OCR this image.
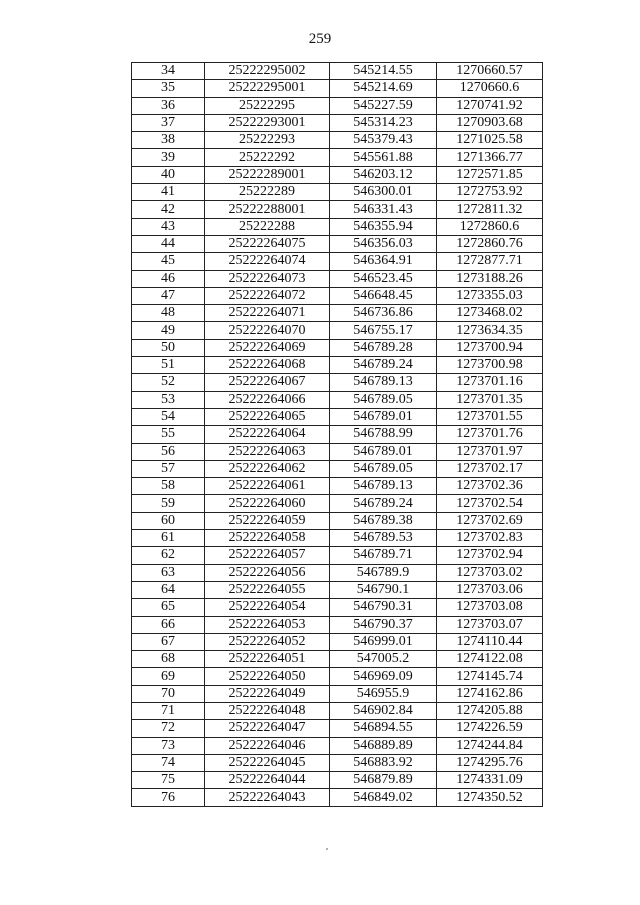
259
34	25222295002	545214.55	1270660.57
35	25222295001	545214.69	1270660.6
36	25222295	545227.59	1270741.92
37	25222293001	545314.23	1270903.68
38	25222293	545379.43	1271025.58
39	25222292	545561.88	1271366.77
40	25222289001	546203.12	1272571.85
41	25222289	546300.01	1272753.92
42	25222288001	546331.43	1272811.32
43	25222288	546355.94	1272860.6
44	25222264075	546356.03	1272860.76
45	25222264074	546364.91	1272877.71
46	25222264073	546523.45	1273188.26
47	25222264072	546648.45	1273355.03
48	25222264071	546736.86	1273468.02
49	25222264070	546755.17	1273634.35
50	25222264069	546789.28	1273700.94
51	25222264068	546789.24	1273700.98
52	25222264067	546789.13	1273701.16
53	25222264066	546789.05	1273701.35
54	25222264065	546789.01	1273701.55
55	25222264064	546788.99	1273701.76
56	25222264063	546789.01	1273701.97
57	25222264062	546789.05	1273702.17
58	25222264061	546789.13	1273702.36
59	25222264060	546789.24	1273702.54
60	25222264059	546789.38	1273702.69
61	25222264058	546789.53	1273702.83
62	25222264057	546789.71	1273702.94
63	25222264056	546789.9	1273703.02
64	25222264055	546790.1	1273703.06
65	25222264054	546790.31	1273703.08
66	25222264053	546790.37	1273703.07
67	25222264052	546999.01	1274110.44
68	25222264051	547005.2	1274122.08
69	25222264050	546969.09	1274145.74
70	25222264049	546955.9	1274162.86
71	25222264048	546902.84	1274205.88
72	25222264047	546894.55	1274226.59
73	25222264046	546889.89	1274244.84
74	25222264045	546883.92	1274295.76
75	25222264044	546879.89	1274331.09
76	25222264043	546849.02	1274350.52
